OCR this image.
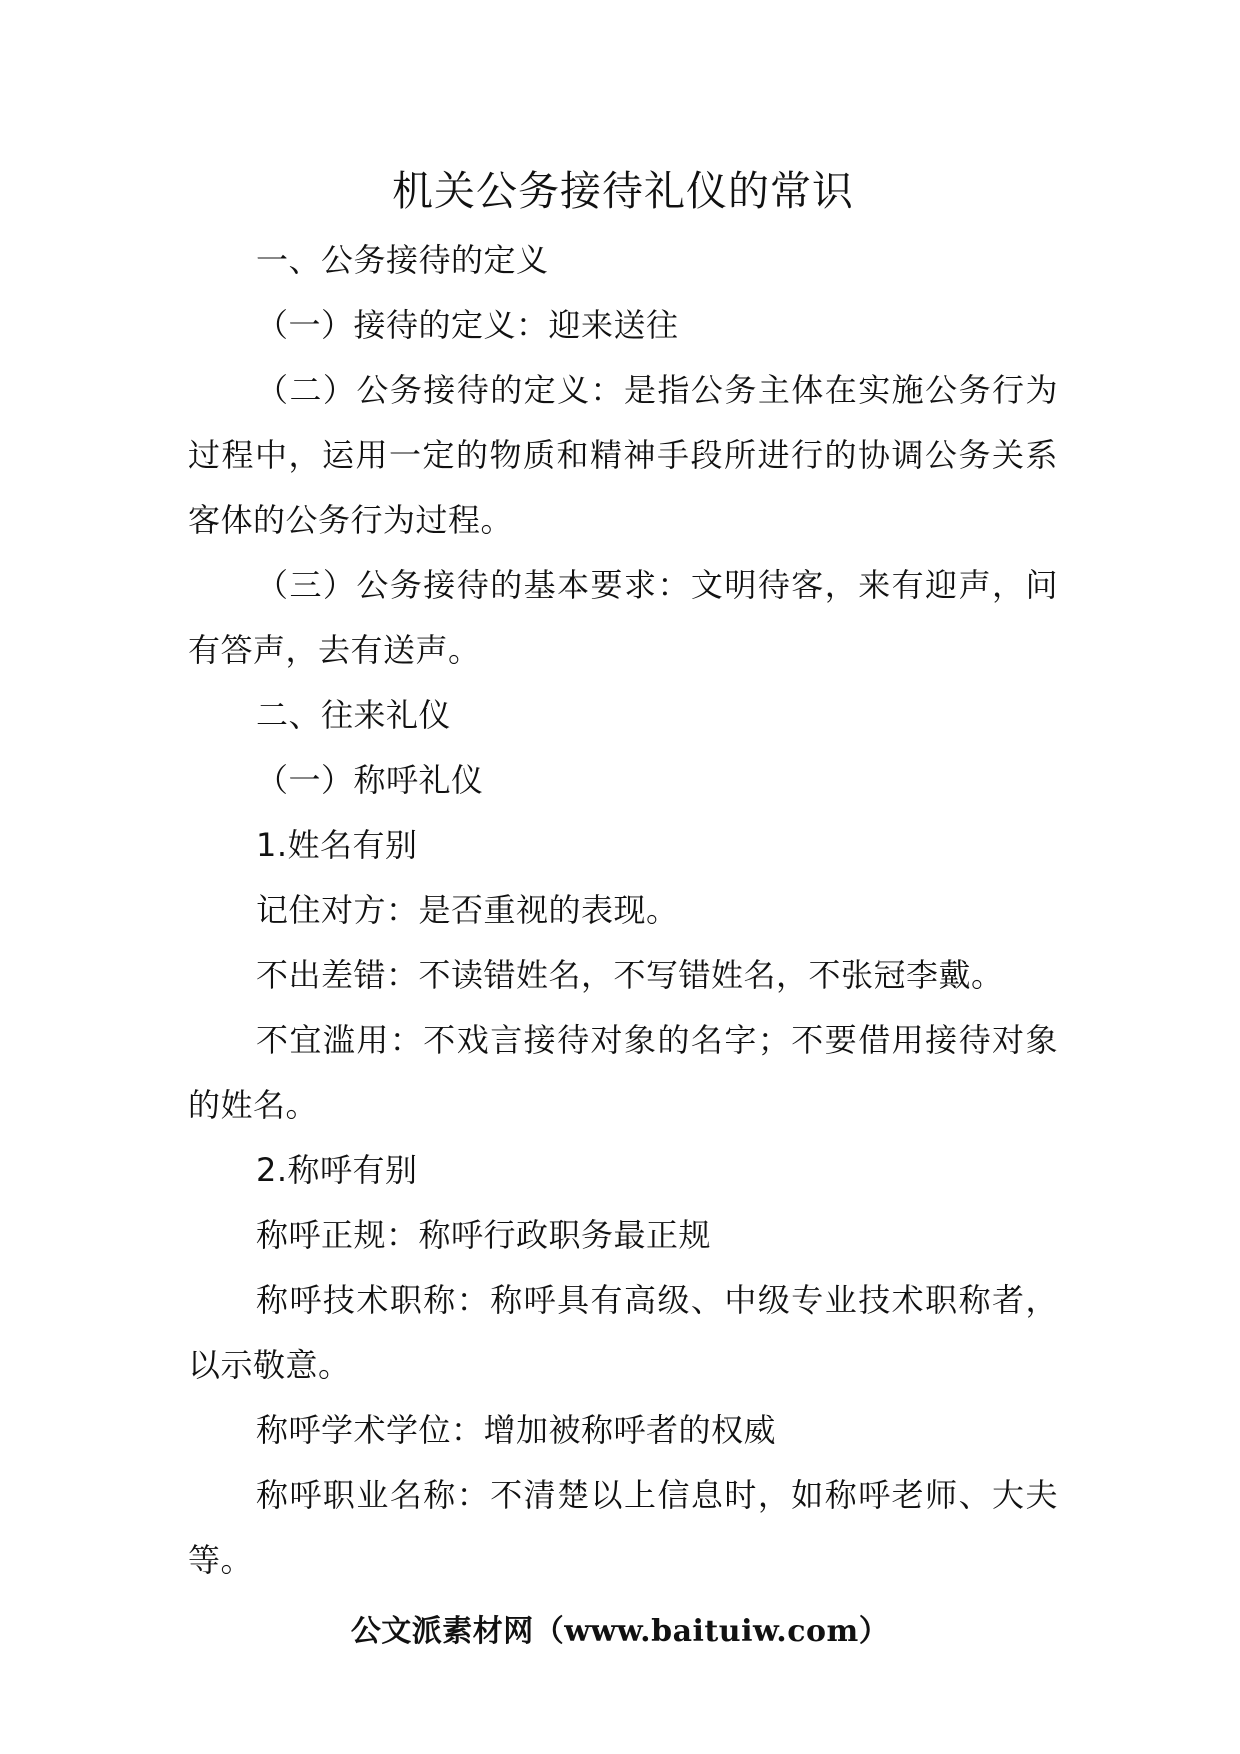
机关公务接待礼仪的常识

一、公务接待的定义

（一）接待的定义：迎来送往

（二）公务接待的定义：是指公务主体在实施公务行为过程中，运用一定的物质和精神手段所进行的协调公务关系客体的公务行为过程。

（三）公务接待的基本要求：文明待客，来有迎声，问有答声，去有送声。

二、往来礼仪

（一）称呼礼仪

1.姓名有别

记住对方：是否重视的表现。

不出差错：不读错姓名，不写错姓名，不张冠李戴。

不宜滥用：不戏言接待对象的名字；不要借用接待对象的姓名。

2.称呼有别

称呼正规：称呼行政职务最正规

称呼技术职称：称呼具有高级、中级专业技术职称者，以示敬意。

称呼学术学位：增加被称呼者的权威

称呼职业名称：不清楚以上信息时，如称呼老师、大夫等。

公文派素材网（www.baituiw.com）
